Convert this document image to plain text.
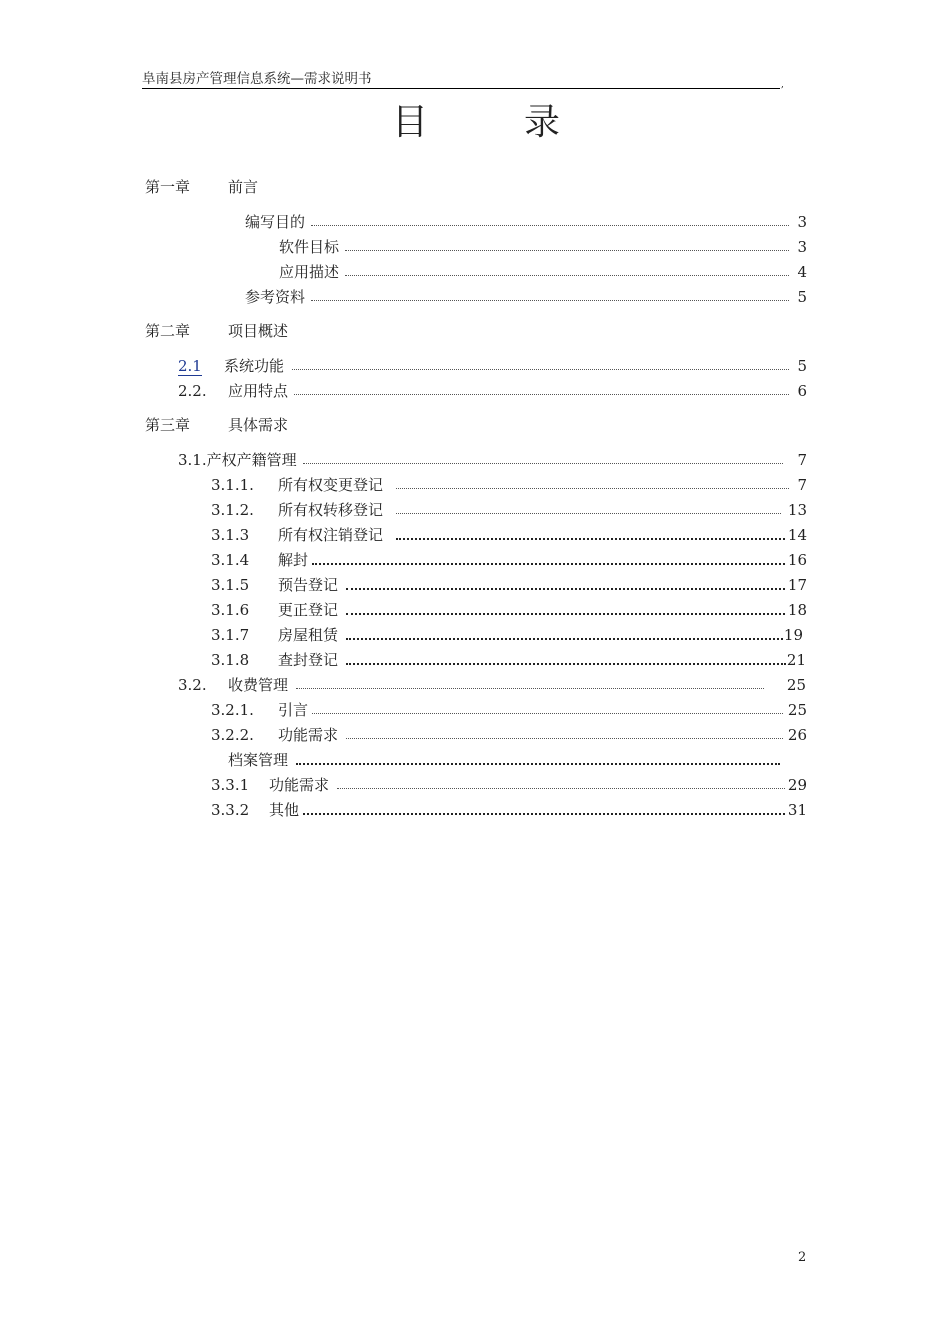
阜南县房产管理信息系统—需求说明书	,
目	录
第一章	前言
编写目的	3
软件目标	3
应用描述	4
参考资料	5
第二章	项目概述
2.1	系统功能	5
2.2. 应用特点	6
第三章	具体需求
3.1.产权产籍管理	7
3.1.1. 所有权变更登记	7
3.1.2. 所有权转移登记	13
3.1.3 所有权注销登记	14
3.1.4 解封	16
3.1.5 预告登记	17
3.1.6 更正登记	18
3.1.7 房屋租赁	19
3.1.8 查封登记	21
3.2. 收费管理	25
3.2.1. 引言	25
3.2.2. 功能需求	26
档案管理
3.3.1 功能需求	29
3.3.2 其他	31
2
